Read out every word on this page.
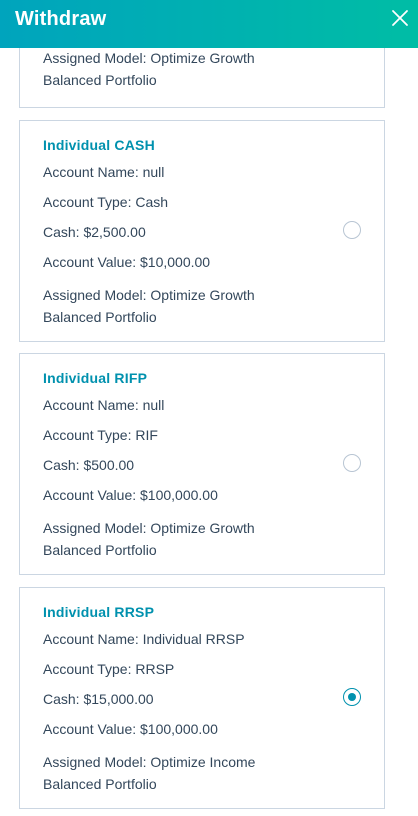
Withdraw
Assigned Model: Optimize Growth
Balanced Portfolio
Individual CASH
Account Name: null
Account Type: Cash
Cash: $2,500.00
Account Value: $10,000.00
Assigned Model: Optimize Growth
Balanced Portfolio
Individual RIFP
Account Name: null
Account Type: RIF
Cash: $500.00
Account Value: $100,000.00
Assigned Model: Optimize Growth
Balanced Portfolio
Individual RRSP
Account Name: Individual RRSP
Account Type: RRSP
Cash: $15,000.00
Account Value: $100,000.00
Assigned Model: Optimize Income
Balanced Portfolio
